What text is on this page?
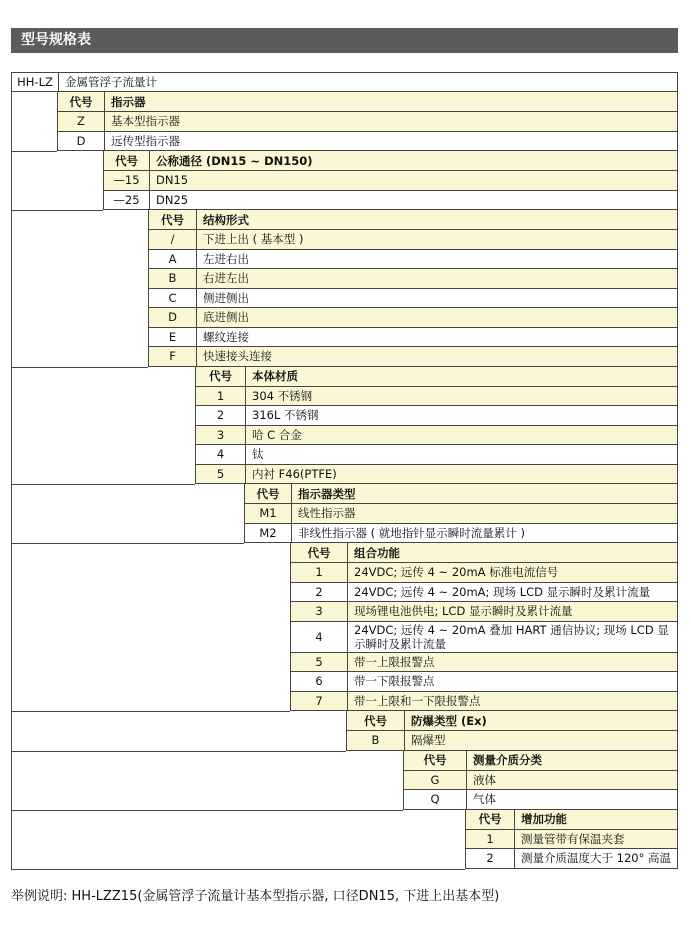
型号规格表
HH-LZ	金属管浮子流量计
代号	指示器
Z	基本型指示器
D	远传型指示器
代号	公称通径 (DN15 ~ DN150)
—15	DN15
—25	DN25
代号	结构形式
/	下进上出 ( 基本型 )
A	左进右出
B	右进左出
C	侧进侧出
D	底进侧出
E	螺纹连接
F	快速接头连接
代号	本体材质
1	304 不锈钢
2	316L 不锈钢
3	哈 C 合金
4	钛
5	内衬 F46(PTFE)
代号	指示器类型
M1	线性指示器
M2	非线性指示器 ( 就地指针显示瞬时流量累计 )
代号	组合功能
1	24VDC; 远传 4 ~ 20mA 标准电流信号
2	24VDC; 远传 4 ~ 20mA; 现场 LCD 显示瞬时及累计流量
3	现场锂电池供电; LCD 显示瞬时及累计流量
4	24VDC; 远传 4 ~ 20mA 叠加 HART 通信协议; 现场 LCD 显示瞬时及累计流量
5	带一上限报警点
6	带一下限报警点
7	带一上限和一下限报警点
代号	防爆类型 (Ex)
B	隔爆型
代号	测量介质分类
G	液体
Q	气体
代号	增加功能
1	测量管带有保温夹套
2	测量介质温度大于 120° 高温
举例说明: HH-LZZ15(金属管浮子流量计基本型指示器, 口径DN15, 下进上出基本型)
